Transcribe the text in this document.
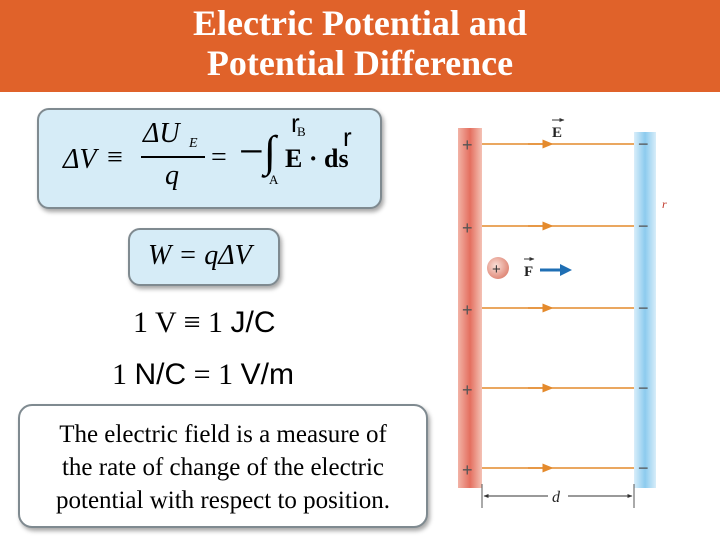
Electric Potential and
Potential Difference
ΔV ≡
ΔU E
q
= −∫ B
A
r r
E · ds
W = qΔV
1 V ≡ 1 J/C
1 N/C = 1 V/m
The electric field is a measure of
the rate of change of the electric
potential with respect to position.
+
+
+
+
+
−
−
−
−
−
E
+ F
r
d
